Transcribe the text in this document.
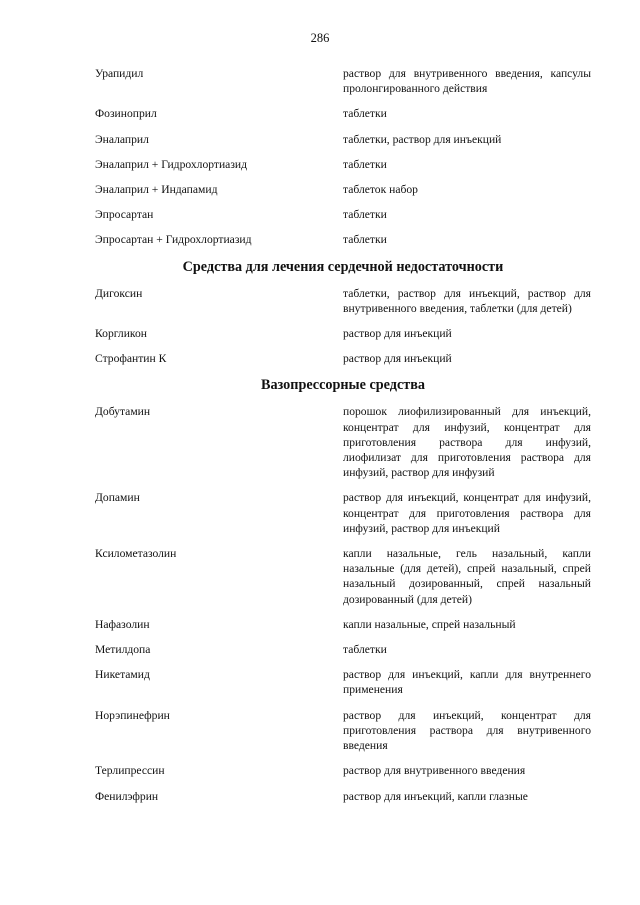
286
Урапидил	раствор для внутривенного введения, капсулы пролонгированного действия
Фозиноприл	таблетки
Эналаприл	таблетки, раствор для инъекций
Эналаприл + Гидрохлортиазид	таблетки
Эналаприл + Индапамид	таблеток набор
Эпросартан	таблетки
Эпросартан + Гидрохлортиазид	таблетки
Средства для лечения сердечной недостаточности
Дигоксин	таблетки, раствор для инъекций, раствор для внутривенного введения, таблетки (для детей)
Коргликон	раствор для инъекций
Строфантин К	раствор для инъекций
Вазопрессорные средства
Добутамин	порошок лиофилизированный для инъекций, концентрат для инфузий, концентрат для приготовления раствора для инфузий, лиофилизат для приготовления раствора для инфузий, раствор для инфузий
Допамин	раствор для инъекций, концентрат для инфузий, концентрат для приготовления раствора для инфузий, раствор для инъекций
Ксилометазолин	капли назальные, гель назальный, капли назальные (для детей), спрей назальный, спрей назальный дозированный, спрей назальный дозированный (для детей)
Нафазолин	капли назальные, спрей назальный
Метилдопа	таблетки
Никетамид	раствор для инъекций, капли для внутреннего применения
Норэпинефрин	раствор для инъекций, концентрат для приготовления раствора для внутривенного введения
Терлипрессин	раствор для внутривенного введения
Фенилэфрин	раствор для инъекций, капли глазные
